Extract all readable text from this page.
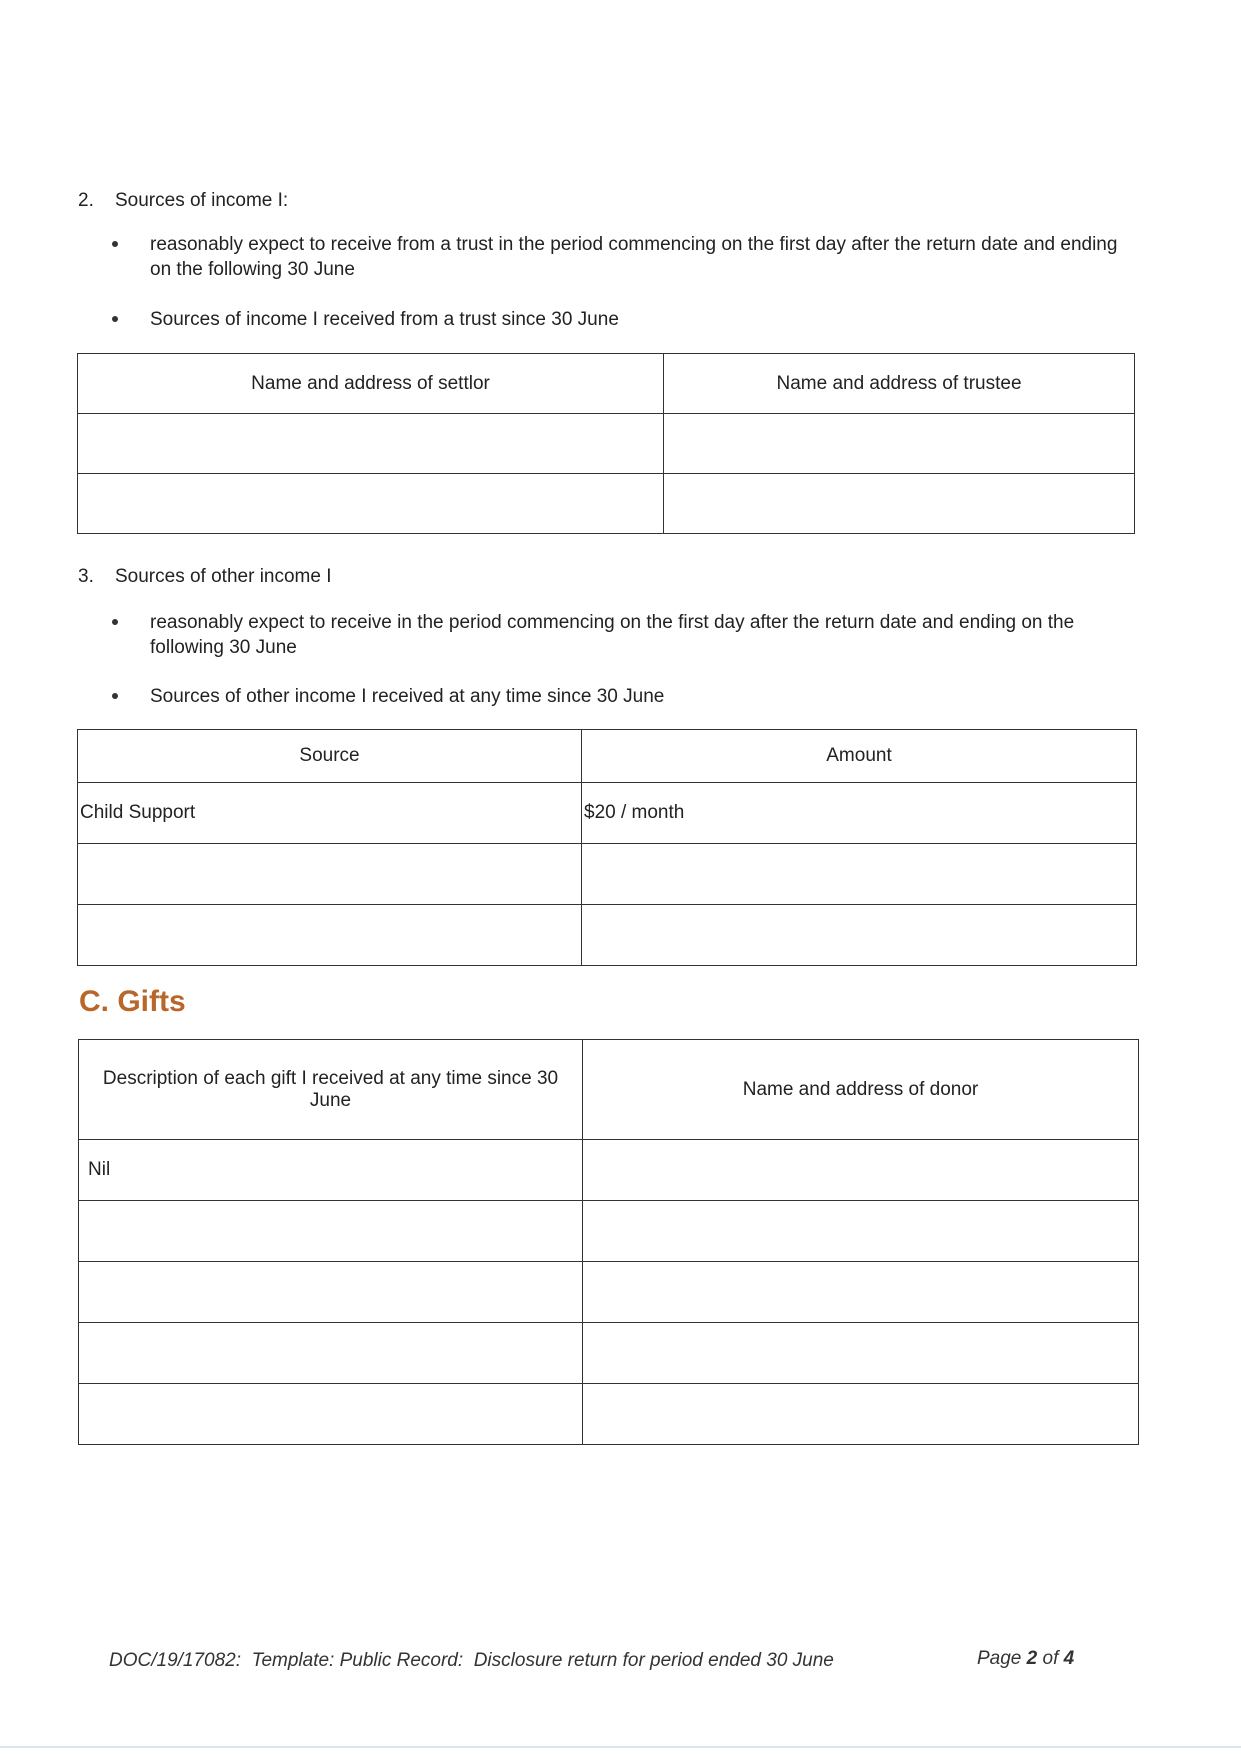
2. Sources of income I:
reasonably expect to receive from a trust in the period commencing on the first day after the return date and ending on the following 30 June
Sources of income I received from a trust since 30 June
Name and address of settlor	Name and address of trustee

3. Sources of other income I
reasonably expect to receive in the period commencing on the first day after the return date and ending on the following 30 June
Sources of other income I received at any time since 30 June
Source	Amount
Child Support	$20 / month

C. Gifts
Description of each gift I received at any time since 30 June	Name and address of donor
Nil	

DOC/19/17082:  Template: Public Record:  Disclosure return for period ended 30 June	Page 2 of 4
